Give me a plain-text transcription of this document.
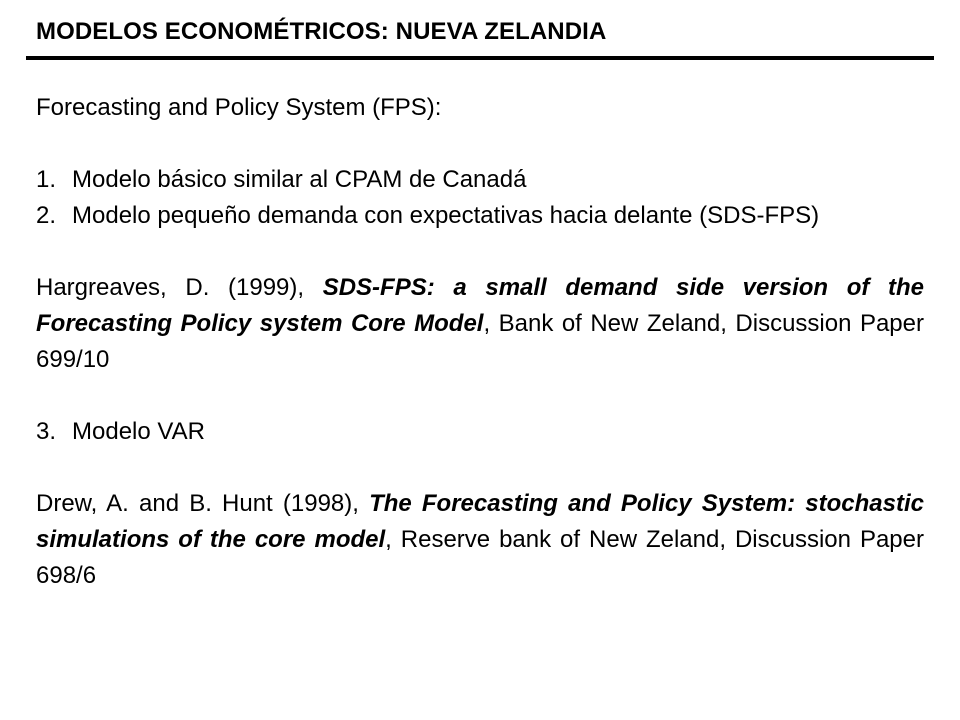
MODELOS ECONOMÉTRICOS: NUEVA ZELANDIA

Forecasting and Policy System (FPS):

1. Modelo básico similar al CPAM de Canadá
2. Modelo pequeño demanda con expectativas hacia delante (SDS-FPS)

Hargreaves, D. (1999), SDS-FPS: a small demand side version of the Forecasting Policy system Core Model, Bank of New Zeland, Discussion Paper 699/10

3. Modelo VAR

Drew, A. and B. Hunt (1998), The Forecasting and Policy System: stochastic simulations of the core model, Reserve bank of New Zeland, Discussion Paper 698/6
